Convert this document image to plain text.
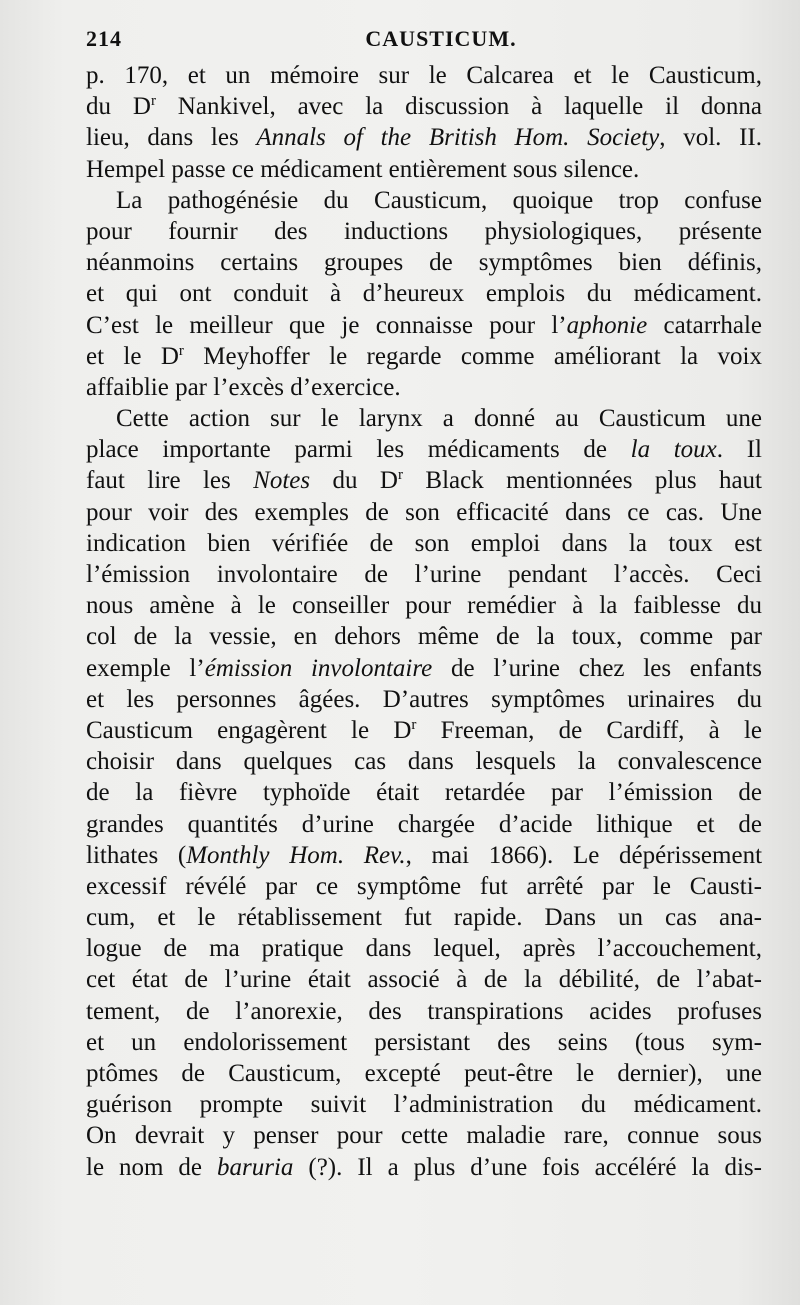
214	CAUSTICUM.
p. 170, et un mémoire sur le Calcarea et le Causticum,
du $D^r$ Nankivel, avec la discussion à laquelle il donna
lieu, dans les Annals of the British Hom. Society, vol. II.
Hempel passe ce médicament entièrement sous silence.
La pathogénésie du Causticum, quoique trop confuse
pour fournir des inductions physiologiques, présente
néanmoins certains groupes de symptômes bien définis,
et qui ont conduit à d’heureux emplois du médicament.
C’est le meilleur que je connaisse pour l’aphonie catarrhale
et le $D^r$ Meyhoffer le regarde comme améliorant la voix
affaiblie par l’excès d’exercice.
Cette action sur le larynx a donné au Causticum une
place importante parmi les médicaments de la toux. Il
faut lire les Notes du $D^r$ Black mentionnées plus haut
pour voir des exemples de son efficacité dans ce cas. Une
indication bien vérifiée de son emploi dans la toux est
l’émission involontaire de l’urine pendant l’accès. Ceci
nous amène à le conseiller pour remédier à la faiblesse du
col de la vessie, en dehors même de la toux, comme par
exemple l’émission involontaire de l’urine chez les enfants
et les personnes âgées. D’autres symptômes urinaires du
Causticum engagèrent le $D^r$ Freeman, de Cardiff, à le
choisir dans quelques cas dans lesquels la convalescence
de la fièvre typhoïde était retardée par l’émission de
grandes quantités d’urine chargée d’acide lithique et de
lithates (Monthly Hom. Rev., mai 1866). Le dépérissement
excessif révélé par ce symptôme fut arrêté par le Causti-
cum, et le rétablissement fut rapide. Dans un cas ana-
logue de ma pratique dans lequel, après l’accouchement,
cet état de l’urine était associé à de la débilité, de l’abat-
tement, de l’anorexie, des transpirations acides profuses
et un endolorissement persistant des seins (tous sym-
ptômes de Causticum, excepté peut-être le dernier), une
guérison prompte suivit l’administration du médicament.
On devrait y penser pour cette maladie rare, connue sous
le nom de baruria (?). Il a plus d’une fois accéléré la dis-
